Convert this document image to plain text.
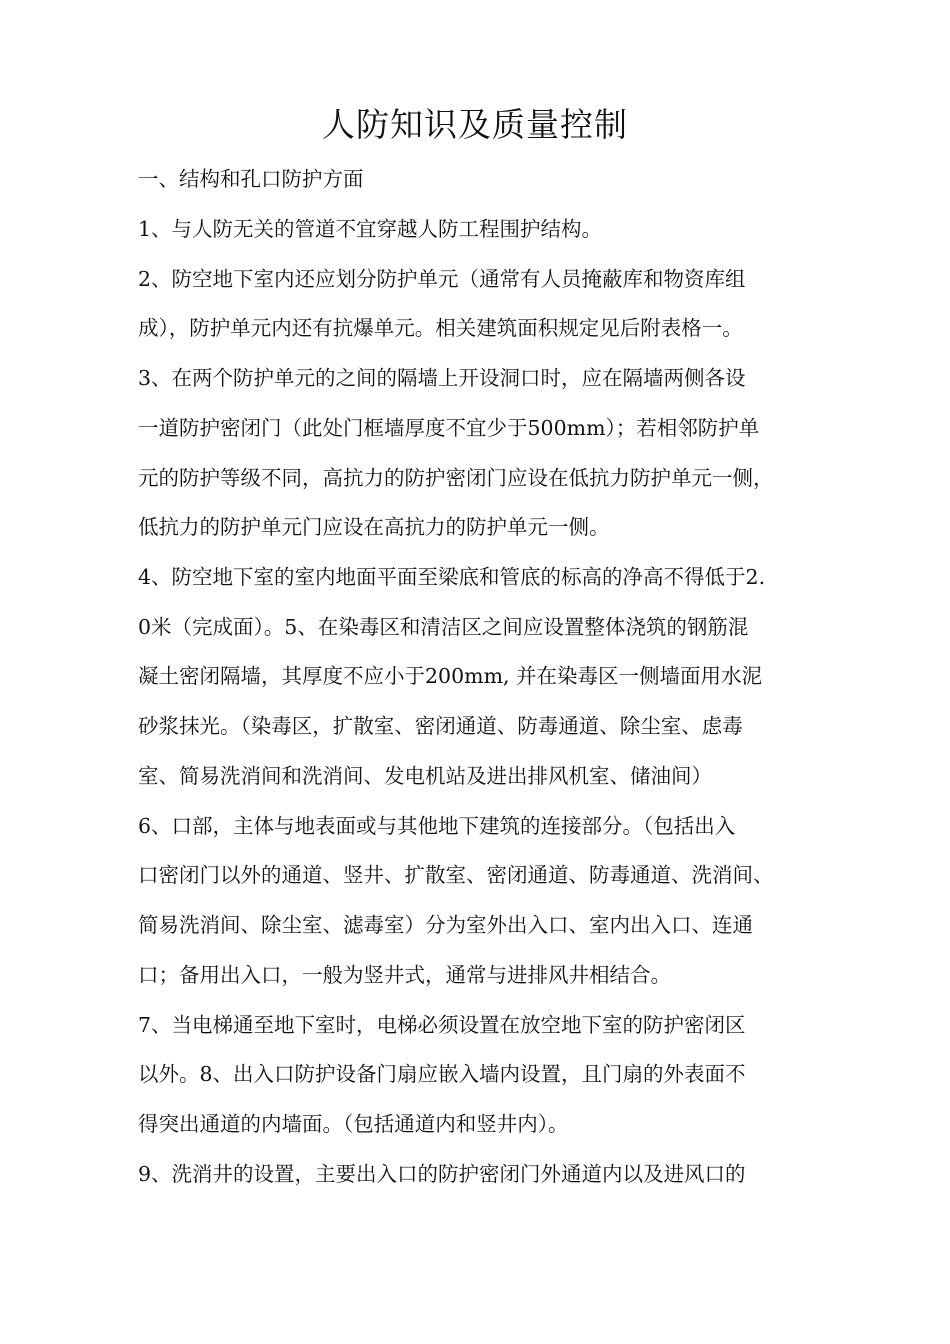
人防知识及质量控制
一、结构和孔口防护方面
1、与人防无关的管道不宜穿越人防工程围护结构。
2、防空地下室内还应划分防护单元（通常有人员掩蔽库和物资库组
成），防护单元内还有抗爆单元。相关建筑面积规定见后附表格一。
3、在两个防护单元的之间的隔墙上开设洞口时，应在隔墙两侧各设
一道防护密闭门（此处门框墙厚度不宜少于500mm）；若相邻防护单
元的防护等级不同，高抗力的防护密闭门应设在低抗力防护单元一侧，
低抗力的防护单元门应设在高抗力的防护单元一侧。
4、防空地下室的室内地面平面至梁底和管底的标高的净高不得低于2.
0米（完成面）。5、在染毒区和清洁区之间应设置整体浇筑的钢筋混
凝土密闭隔墙，其厚度不应小于200mm, 并在染毒区一侧墙面用水泥
砂浆抹光。（染毒区，扩散室、密闭通道、防毒通道、除尘室、虑毒
室、简易洗消间和洗消间、发电机站及进出排风机室、储油间）
6、口部，主体与地表面或与其他地下建筑的连接部分。（包括出入
口密闭门以外的通道、竖井、扩散室、密闭通道、防毒通道、洗消间、
简易洗消间、除尘室、滤毒室）分为室外出入口、室内出入口、连通
口；备用出入口，一般为竖井式，通常与进排风井相结合。
7、当电梯通至地下室时，电梯必须设置在放空地下室的防护密闭区
以外。8、出入口防护设备门扇应嵌入墙内设置，且门扇的外表面不
得突出通道的内墙面。（包括通道内和竖井内）。
9、洗消井的设置，主要出入口的防护密闭门外通道内以及进风口的
